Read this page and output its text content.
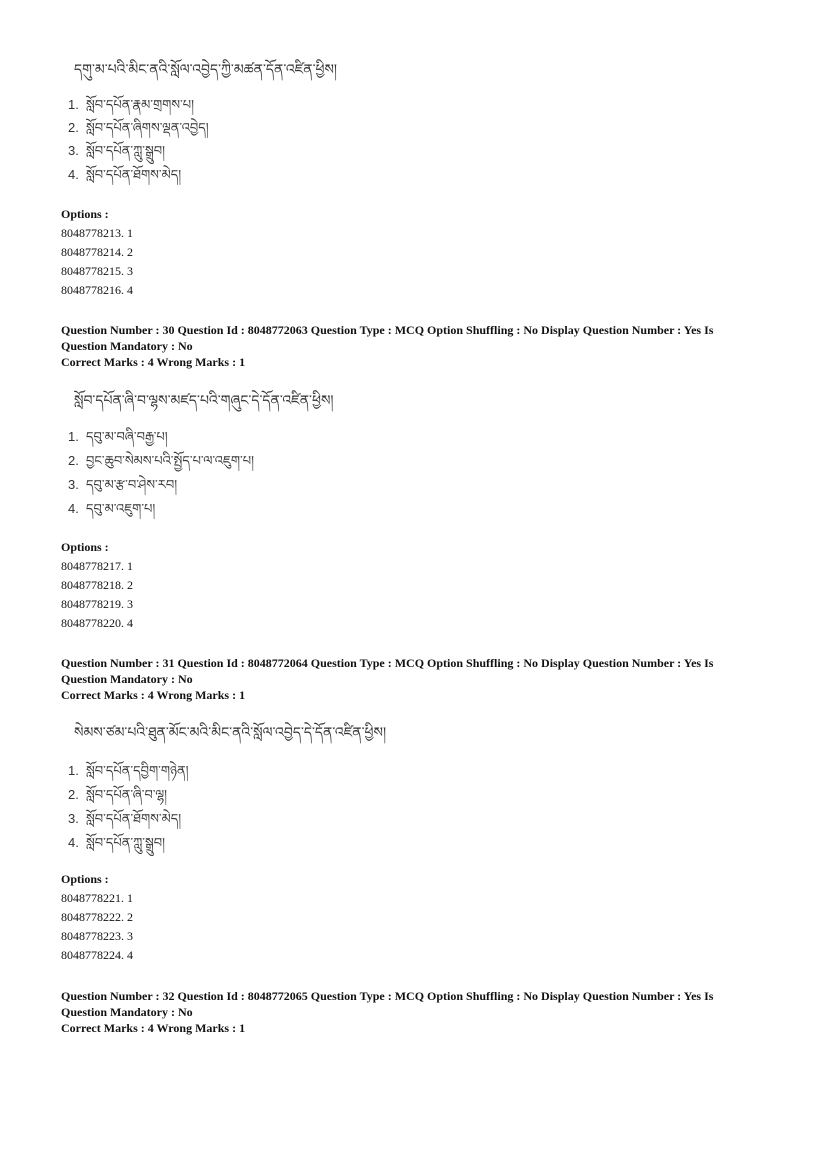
དགུ་མ་པའི་མིང་ནའི་སློལ་འབྱེད་ཀྱི་མཚན་དོན་འཛིན་ཕྱིས།
1. སློབ་དཔོན་རྣམ་གྲགས་པ།
2. སློབ་དཔོན་ཞིགས་ལྡན་འབྱེད།
3. སློབ་དཔོན་ཀླུ་སྒྲུབ།
4. སློབ་དཔོན་ཐོགས་མེད།
Options :
8048778213. 1
8048778214. 2
8048778215. 3
8048778216. 4
Question Number : 30 Question Id : 8048772063 Question Type : MCQ Option Shuffling : No Display Question Number : Yes Is
Question Mandatory : No
Correct Marks : 4 Wrong Marks : 1
སློབ་དཔོན་ཞི་བ་ལྷས་མཛད་པའི་གཞུང་དེ་དོན་འཛིན་ཕྱིས།
1. དབུ་མ་བཞི་བརྒྱ་པ།
2. བྱང་ཆུབ་སེམས་པའི་སྤྱོད་པ་ལ་འཇུག་པ།
3. དབུ་མ་རྩ་བ་ཤེས་རབ།
4. དབུ་མ་འཇུག་པ།
Options :
8048778217. 1
8048778218. 2
8048778219. 3
8048778220. 4
Question Number : 31 Question Id : 8048772064 Question Type : MCQ Option Shuffling : No Display Question Number : Yes Is
Question Mandatory : No
Correct Marks : 4 Wrong Marks : 1
སེམས་ཙམ་པའི་ཐུན་མོང་མའི་མིང་ནའི་སློལ་འབྱེད་དེ་དོན་འཛིན་ཕྱིས།
1. སློབ་དཔོན་དབྱིག་གཉེན།
2. སློབ་དཔོན་ཞི་བ་ལྷ།
3. སློབ་དཔོན་ཐོགས་མེད།
4. སློབ་དཔོན་ཀླུ་སྒྲུབ།
Options :
8048778221. 1
8048778222. 2
8048778223. 3
8048778224. 4
Question Number : 32 Question Id : 8048772065 Question Type : MCQ Option Shuffling : No Display Question Number : Yes Is
Question Mandatory : No
Correct Marks : 4 Wrong Marks : 1
